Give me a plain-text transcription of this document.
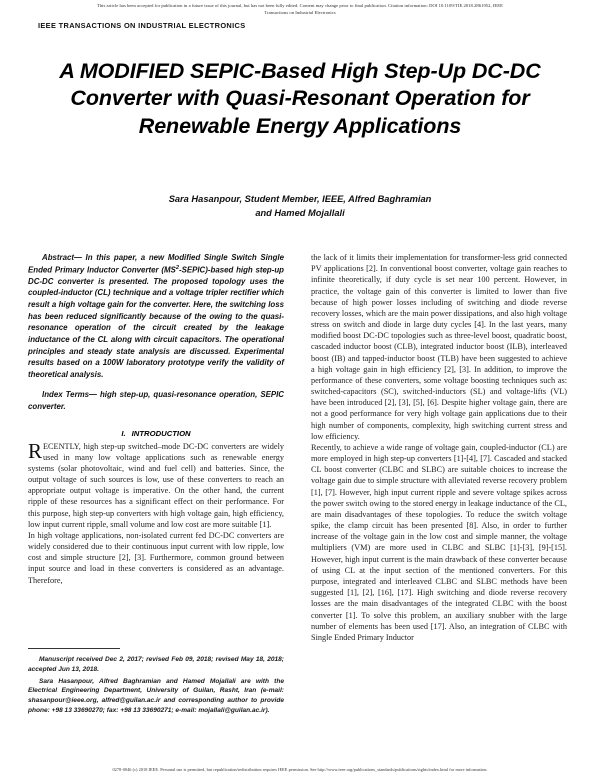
This article has been accepted for publication in a future issue of this journal, but has not been fully edited. Content may change prior to final publication. Citation information: DOI 10.1109/TIE.2018.2861952, IEEE
Transactions on Industrial Electronics
IEEE TRANSACTIONS ON INDUSTRIAL ELECTRONICS
A MODIFIED SEPIC-Based High Step-Up DC-DC Converter with Quasi-Resonant Operation for Renewable Energy Applications
Sara Hasanpour, Student Member, IEEE, Alfred Baghramian
and Hamed Mojallali

Abstract— In this paper, a new Modified Single Switch Single Ended Primary Inductor Converter $(MS^2-SEPIC)$-based high step-up DC-DC converter is presented. The proposed topology uses the coupled-inductor (CL) technique and a voltage tripler rectifier which result a high voltage gain for the converter. Here, the switching loss has been reduced significantly because of the owing to the quasi-resonance operation of the circuit created by the leakage inductance of the CL along with circuit capacitors. The operational principles and steady state analysis are discussed. Experimental results based on a 100W laboratory prototype verify the validity of theoretical analysis.

Index Terms— high step-up, quasi-resonance operation, SEPIC converter.

I. INTRODUCTION

RECENTLY, high step-up switched–mode DC-DC converters are widely used in many low voltage applications such as renewable energy systems (solar photovoltaic, wind and fuel cell) and batteries. Since, the output voltage of such sources is low, use of these converters to reach an appropriate output voltage is imperative. On the other hand, the current ripple of these resources has a significant effect on their performance. For this purpose, high step-up converters with high voltage gain, high efficiency, low input current ripple, small volume and low cost are more suitable [1].

In high voltage applications, non-isolated current fed DC-DC converters are widely considered due to their continuous input current with low ripple, low cost and simple structure [2], [3]. Furthermore, common ground between input source and load in these converters is considered as an advantage. Therefore,

the lack of it limits their implementation for transformer-less grid connected PV applications [2]. In conventional boost converter, voltage gain reaches to infinite theoretically, if duty cycle is set near 100 percent. However, in practice, the voltage gain of this converter is limited to lower than five because of high power losses including of switching and diode reverse recovery losses, which are the main power dissipations, and also high voltage stress on switch and diode in large duty cycles [4]. In the last years, many modified boost DC-DC topologies such as three-level boost, quadratic boost, cascaded inductor boost (CLB), integrated inductor boost (ILB), interleaved boost (IB) and tapped-inductor boost (TLB) have been suggested to achieve a high voltage gain in high efficiency [2], [3]. In addition, to improve the performance of these converters, some voltage boosting techniques such as: switched-capacitors (SC), switched-inductors (SL) and voltage-lifts (VL) have been introduced [2], [3], [5], [6]. Despite higher voltage gain, there are not a good performance for very high voltage gain applications due to their high number of components, complexity, high switching current stress and low efficiency.

Recently, to achieve a wide range of voltage gain, coupled-inductor (CL) are more employed in high step-up converters [1]-[4], [7]. Cascaded and stacked CL boost converter (CLBC and SLBC) are suitable choices to increase the voltage gain due to simple structure with alleviated reverse recovery problem [1], [7]. However, high input current ripple and severe voltage spikes across the power switch owing to the stored energy in leakage inductance of the CL, are main disadvantages of these topologies. To reduce the switch voltage spike, the clamp circuit has been presented [8]. Also, in order to further increase of the voltage gain in the low cost and simple manner, the voltage multipliers (VM) are more used in CLBC and SLBC [1]-[3], [9]-[15]. However, high input current is the main drawback of these converter because of using CL at the input section of the mentioned converters. For this purpose, integrated and interleaved CLBC and SLBC methods have been suggested [1], [2], [16], [17]. High switching and diode reverse recovery losses are the main disadvantages of the integrated CLBC with the boost converter [1]. To solve this problem, an auxiliary snubber with the large number of elements has been used [17]. Also, an integration of CLBC with Single Ended Primary Inductor

Manuscript received Dec 2, 2017; revised Feb 09, 2018; revised May 18, 2018; accepted Jun 13, 2018.

Sara Hasanpour, Alfred Baghramian and Hamed Mojallali are with the Electrical Engineering Department, University of Guilan, Rasht, Iran (e-mail: shasanpour@ieee.org, alfred@guilan.ac.ir and corresponding author to provide phone: +98 13 33690270; fax: +98 13 33690271; e-mail: mojallali@guilan.ac.ir).

0278-0046 (c) 2018 IEEE. Personal use is permitted, but republication/redistribution requires IEEE permission. See http://www.ieee.org/publications_standards/publications/rights/index.html for more information.
